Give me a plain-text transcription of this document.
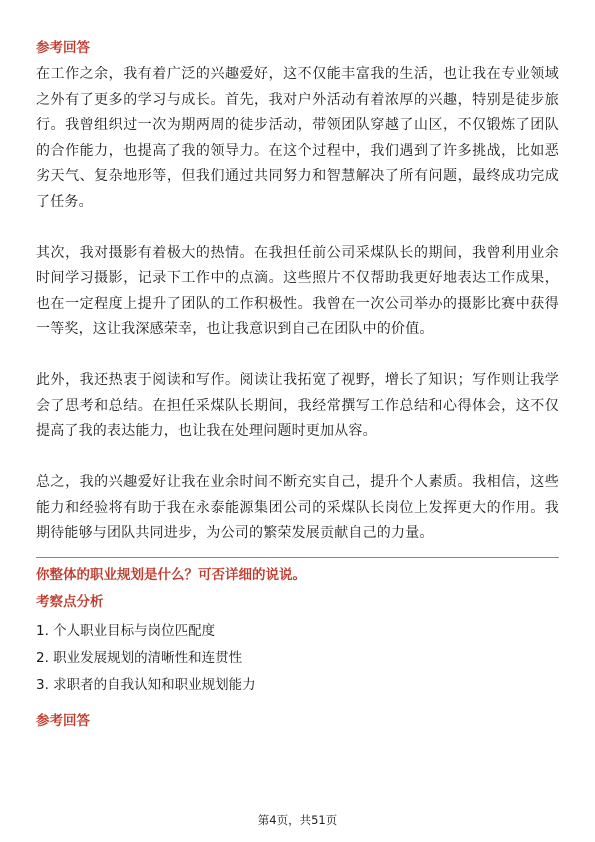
参考回答

在工作之余，我有着广泛的兴趣爱好，这不仅能丰富我的生活，也让我在专业领域之外有了更多的学习与成长。首先，我对户外活动有着浓厚的兴趣，特别是徒步旅行。我曾组织过一次为期两周的徒步活动，带领团队穿越了山区，不仅锻炼了团队的合作能力，也提高了我的领导力。在这个过程中，我们遇到了许多挑战，比如恶劣天气、复杂地形等，但我们通过共同努力和智慧解决了所有问题，最终成功完成了任务。

其次，我对摄影有着极大的热情。在我担任前公司采煤队长的期间，我曾利用业余时间学习摄影，记录下工作中的点滴。这些照片不仅帮助我更好地表达工作成果，也在一定程度上提升了团队的工作积极性。我曾在一次公司举办的摄影比赛中获得一等奖，这让我深感荣幸，也让我意识到自己在团队中的价值。

此外，我还热衷于阅读和写作。阅读让我拓宽了视野，增长了知识；写作则让我学会了思考和总结。在担任采煤队长期间，我经常撰写工作总结和心得体会，这不仅提高了我的表达能力，也让我在处理问题时更加从容。

总之，我的兴趣爱好让我在业余时间不断充实自己，提升个人素质。我相信，这些能力和经验将有助于我在永泰能源集团公司的采煤队长岗位上发挥更大的作用。我期待能够与团队共同进步，为公司的繁荣发展贡献自己的力量。

你整体的职业规划是什么？可否详细的说说。
考察点分析
1. 个人职业目标与岗位匹配度
2. 职业发展规划的清晰性和连贯性
3. 求职者的自我认知和职业规划能力
参考回答
第4页，共51页
